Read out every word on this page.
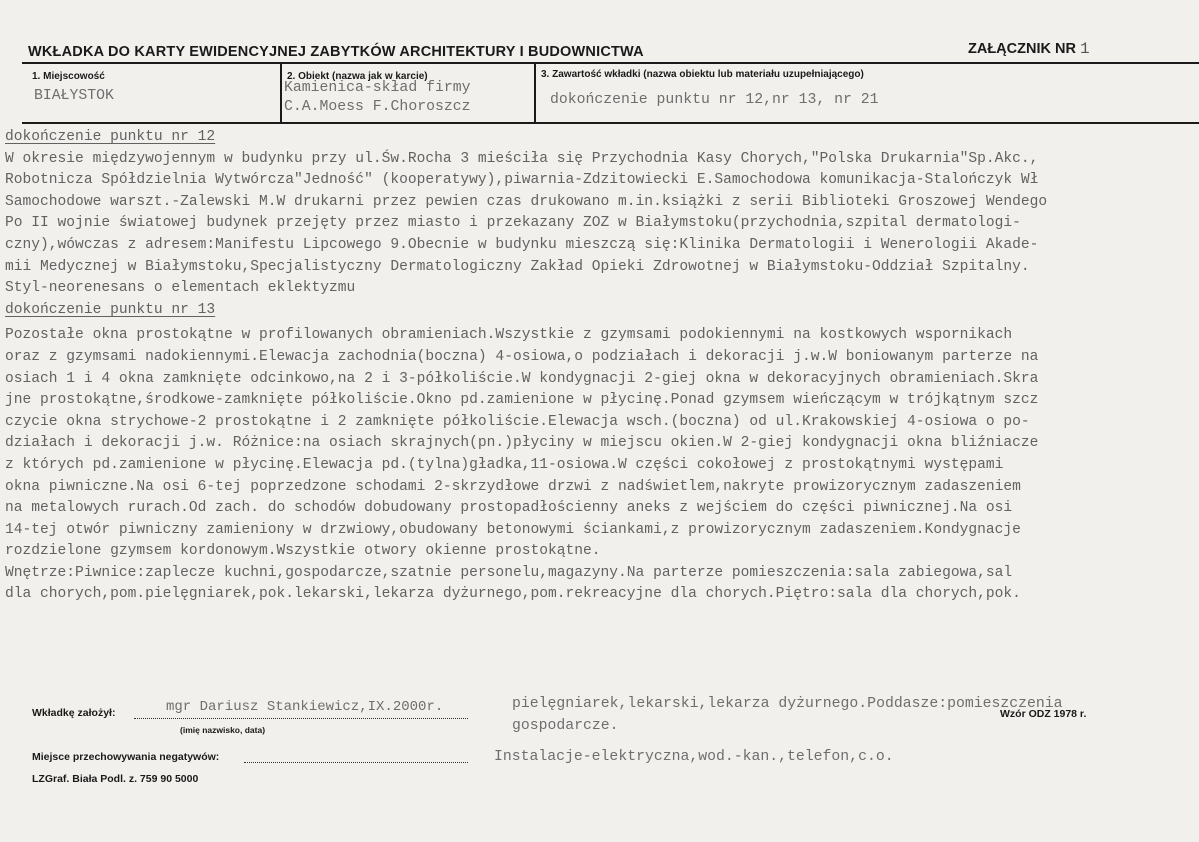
WKŁADKA DO KARTY EWIDENCYJNEJ ZABYTKÓW ARCHITEKTURY I BUDOWNICTWA	ZAŁĄCZNIK NR 1
1. Miejscowość
BIAŁYSTOK
2. Obiekt (nazwa jak w karcie)
Kamienica-skład firmy
C.A.Moess F.Choroszcz
3. Zawartość wkładki (nazwa obiektu lub materiału uzupełniającego)
dokończenie punktu nr 12,nr 13, nr 21
dokończenie punktu nr 12
W okresie międzywojennym w budynku przy ul.Św.Rocha 3 mieściła się Przychodnia Kasy Chorych,"Polska Drukarnia"Sp.Akc.,
Robotnicza Spółdzielnia Wytwórcza"Jedność" (kooperatywy),piwarnia-Zdzitowiecki E.Samochodowa komunikacja-Stalończyk Wł
Samochodowe warszt.-Zalewski M.W drukarni przez pewien czas drukowano m.in.książki z serii Biblioteki Groszowej Wendego
Po II wojnie światowej budynek przejęty przez miasto i przekazany ZOZ w Białymstoku(przychodnia,szpital dermatologi-
czny),wówczas z adresem:Manifestu Lipcowego 9.Obecnie w budynku mieszczą się:Klinika Dermatologii i Wenerologii Akade-
mii Medycznej w Białymstoku,Specjalistyczny Dermatologiczny Zakład Opieki Zdrowotnej w Białymstoku-Oddział Szpitalny.
Styl-neorenesans o elementach eklektyzmu
dokończenie punktu nr 13
Pozostałe okna prostokątne w profilowanych obramieniach.Wszystkie z gzymsami podokiennymi na kostkowych wspornikach
oraz z gzymsami nadokiennymi.Elewacja zachodnia(boczna) 4-osiowa,o podziałach i dekoracji j.w.W boniowanym parterze na
osiach 1 i 4 okna zamknięte odcinkowo,na 2 i 3-półkoliście.W kondygnacji 2-giej okna w dekoracyjnych obramieniach.Skra
jne prostokątne,środkowe-zamknięte półkoliście.Okno pd.zamienione w płycinę.Ponad gzymsem wieńczącym w trójkątnym szcz
czycie okna strychowe-2 prostokątne i 2 zamknięte półkoliście.Elewacja wsch.(boczna) od ul.Krakowskiej 4-osiowa o po-
działach i dekoracji j.w. Różnice:na osiach skrajnych(pn.)płyciny w miejscu okien.W 2-giej kondygnacji okna bliźniacze
z których pd.zamienione w płycinę.Elewacja pd.(tylna)gładka,11-osiowa.W części cokołowej z prostokątnymi występami
okna piwniczne.Na osi 6-tej poprzedzone schodami 2-skrzydłowe drzwi z nadświetlem,nakryte prowizorycznym zadaszeniem
na metalowych rurach.Od zach. do schodów dobudowany prostopadłościenny aneks z wejściem do części piwnicznej.Na osi
14-tej otwór piwniczny zamieniony w drzwiowy,obudowany betonowymi ściankami,z prowizorycznym zadaszeniem.Kondygnacje
rozdzielone gzymsem kordonowym.Wszystkie otwory okienne prostokątne.
Wnętrze:Piwnice:zaplecze kuchni,gospodarcze,szatnie personelu,magazyny.Na parterze pomieszczenia:sala zabiegowa,sal
dla chorych,pom.pielęgniarek,pok.lekarski,lekarza dyżurnego,pom.rekreacyjne dla chorych.Piętro:sala dla chorych,pok.
pielęgniarek,lekarski,lekarza dyżurnego.Poddasze:pomieszczenia
gospodarcze.
Instalacje-elektryczna,wod.-kan.,telefon,c.o.
Wkładkę założył:	mgr Dariusz Stankiewicz,IX.2000r.
(imię nazwisko, data)
Miejsce przechowywania negatywów:
Wzór ODZ 1978 r.
LZGraf. Biała Podl. z. 759 90 5000
